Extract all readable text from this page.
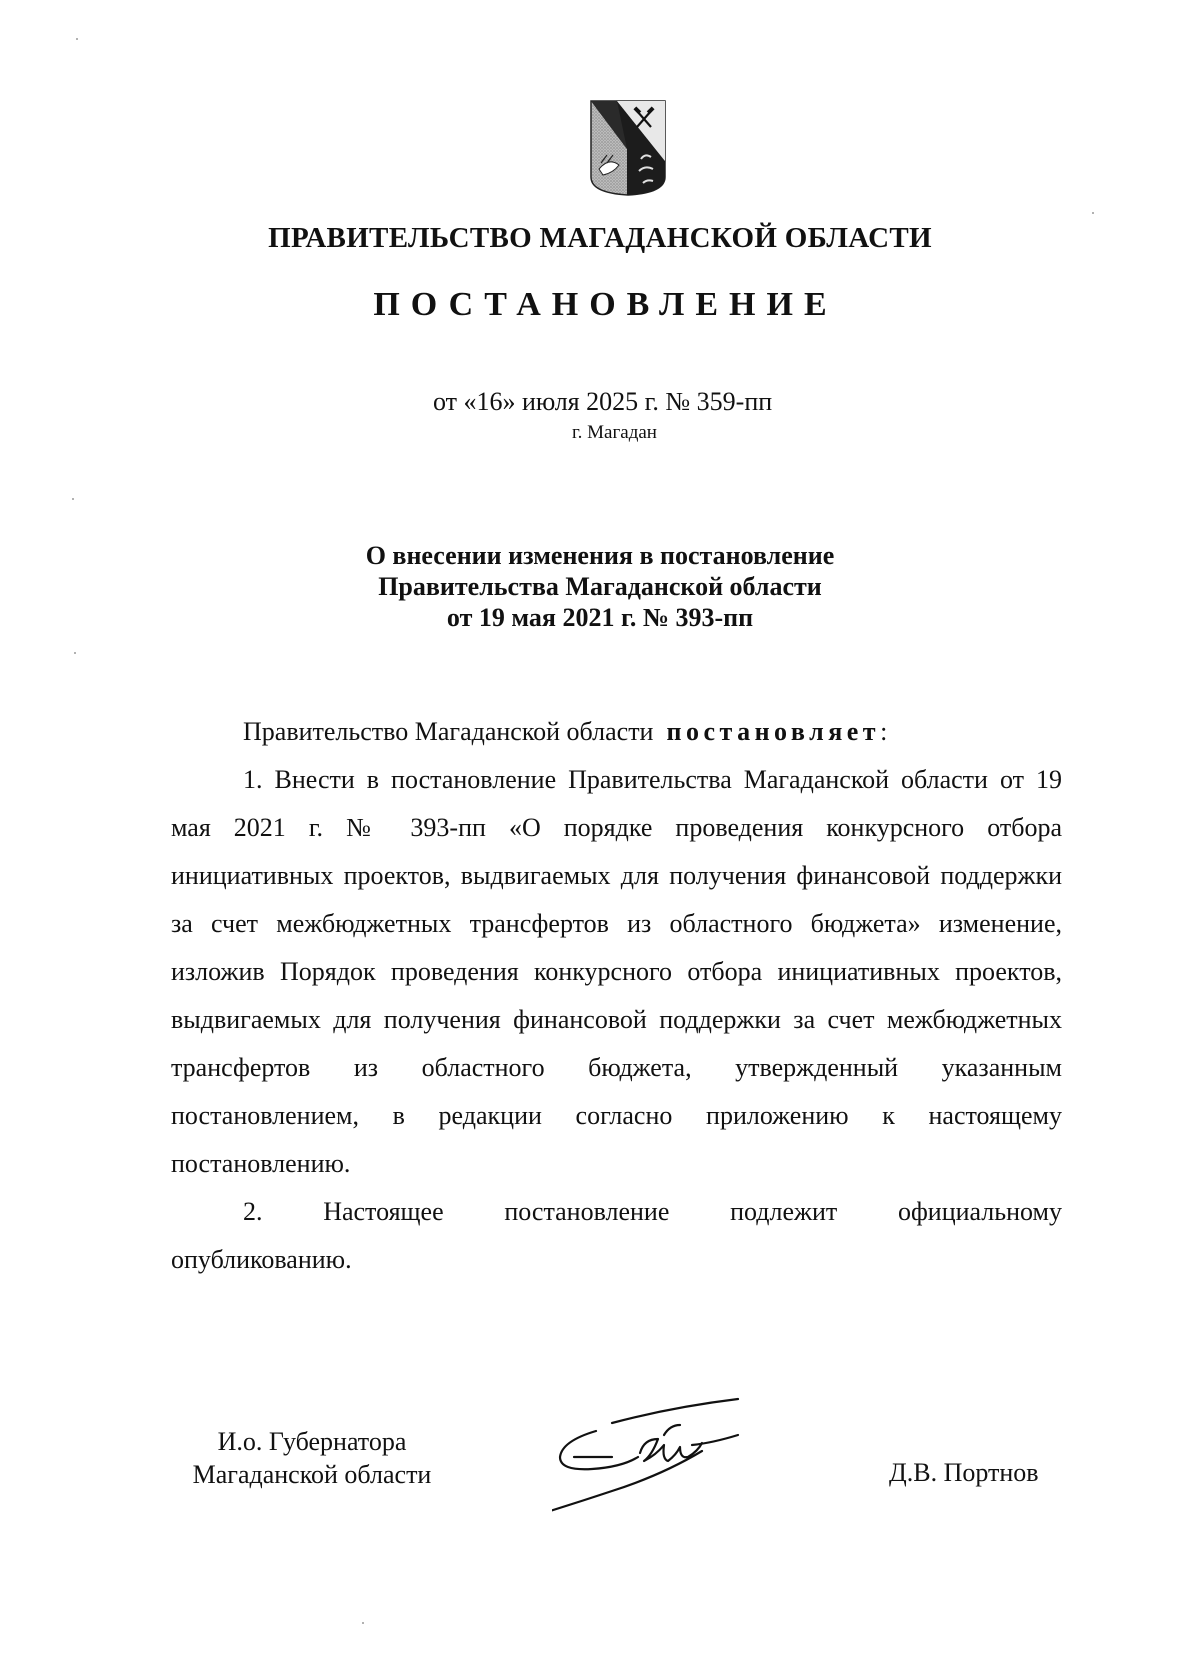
ПРАВИТЕЛЬСТВО МАГАДАНСКОЙ ОБЛАСТИ
ПОСТАНОВЛЕНИЕ
от «16» июля 2025 г. № 359-пп
г. Магадан
О внесении изменения в постановление
Правительства Магаданской области
от 19 мая 2021 г. № 393-пп
Правительство Магаданской области постановляет:

1. Внести в постановление Правительства Магаданской области от 19 мая 2021 г. № 393-пп «О порядке проведения конкурсного отбора инициативных проектов, выдвигаемых для получения финансовой поддержки за счет межбюджетных трансфертов из областного бюджета» изменение, изложив Порядок проведения конкурсного отбора инициативных проектов, выдвигаемых для получения финансовой поддержки за счет межбюджетных трансфертов из областного бюджета, утвержденный указанным постановлением, в редакции согласно приложению к настоящему постановлению.

2. Настоящее постановление подлежит официальному опубликованию.

И.о. Губернатора
Магаданской области	Д.В. Портнов
